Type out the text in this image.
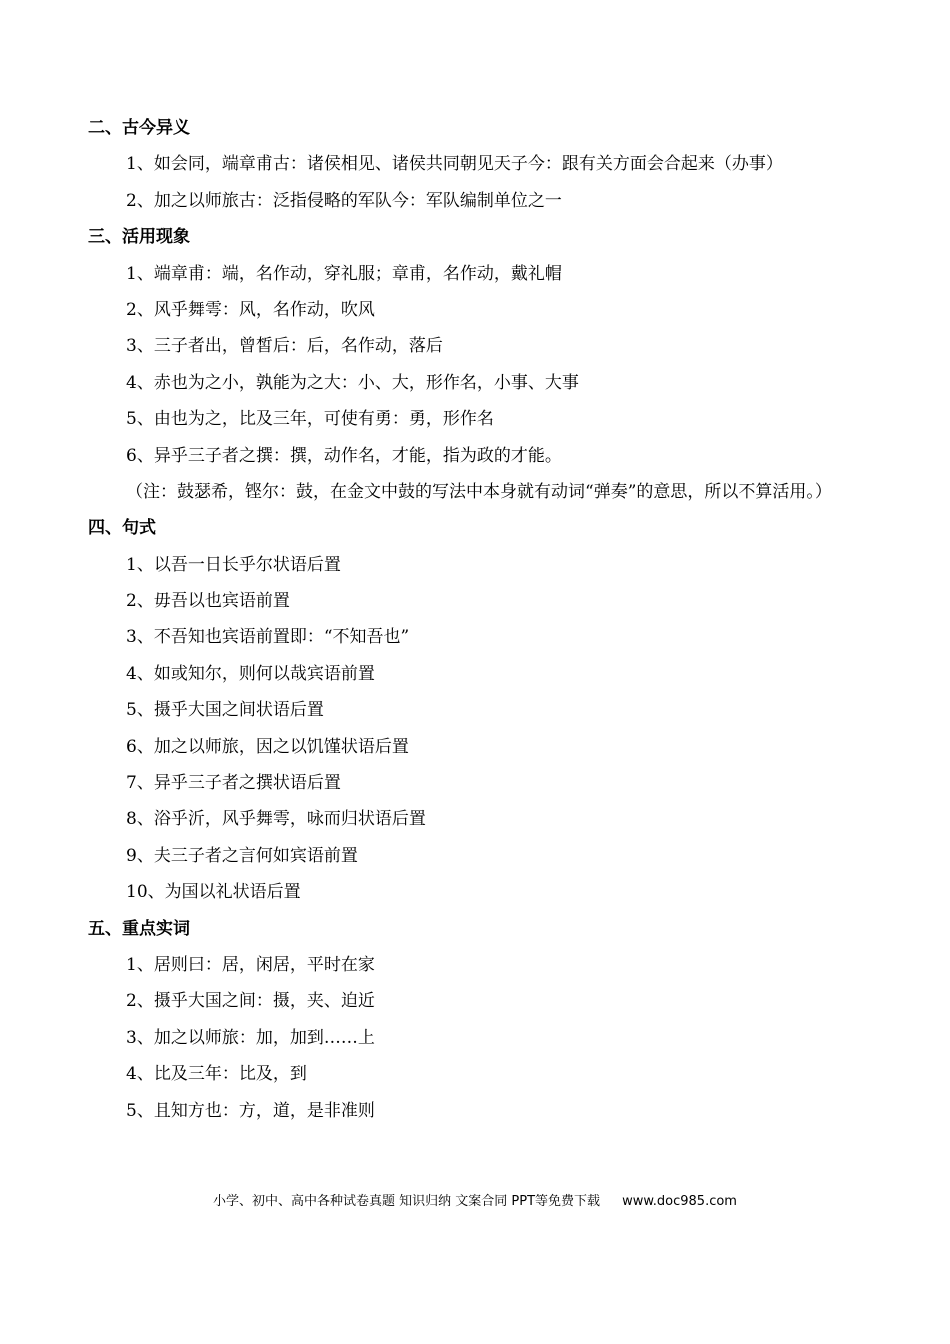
二、古今异义
1、如会同，端章甫古：诸侯相见、诸侯共同朝见天子今：跟有关方面会合起来（办事）
2、加之以师旅古：泛指侵略的军队今：军队编制单位之一
三、活用现象
1、端章甫：端，名作动，穿礼服；章甫，名作动，戴礼帽
2、风乎舞雩：风，名作动，吹风
3、三子者出，曾皙后：后，名作动，落后
4、赤也为之小，孰能为之大：小、大，形作名，小事、大事
5、由也为之，比及三年，可使有勇：勇，形作名
6、异乎三子者之撰：撰，动作名，才能，指为政的才能。
（注：鼓瑟希，铿尔：鼓，在金文中鼓的写法中本身就有动词“弹奏”的意思，所以不算活用。）
四、句式
1、以吾一日长乎尔状语后置
2、毋吾以也宾语前置
3、不吾知也宾语前置即：“不知吾也”
4、如或知尔，则何以哉宾语前置
5、摄乎大国之间状语后置
6、加之以师旅，因之以饥馑状语后置
7、异乎三子者之撰状语后置
8、浴乎沂，风乎舞雩，咏而归状语后置
9、夫三子者之言何如宾语前置
10、为国以礼状语后置
五、重点实词
1、居则曰：居，闲居，平时在家
2、摄乎大国之间：摄，夹、迫近
3、加之以师旅：加，加到……上
4、比及三年：比及，到
5、且知方也：方，道，是非准则
小学、初中、高中各种试卷真题 知识归纳 文案合同 PPT等免费下载 www.doc985.com
